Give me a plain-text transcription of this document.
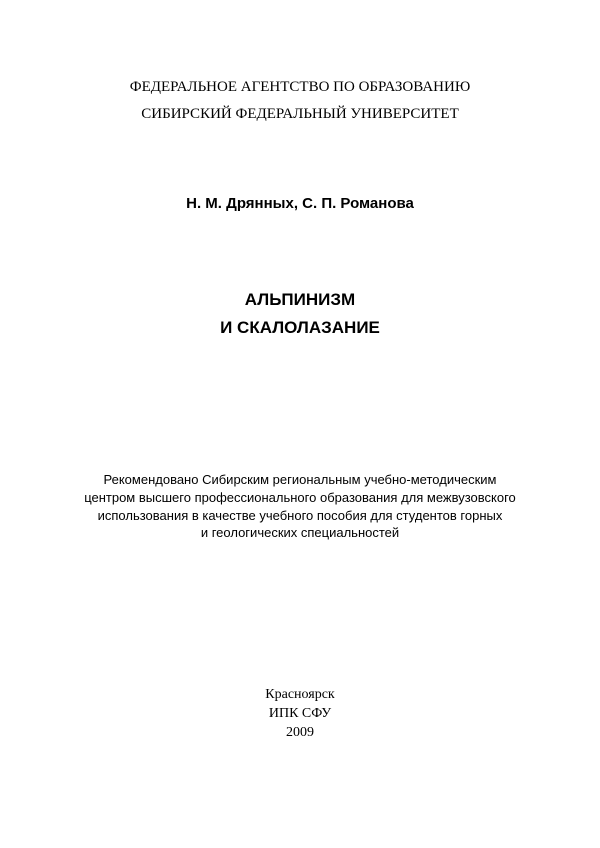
ФЕДЕРАЛЬНОЕ АГЕНТСТВО ПО ОБРАЗОВАНИЮ

СИБИРСКИЙ ФЕДЕРАЛЬНЫЙ УНИВЕРСИТЕТ

Н. М. Дрянных, С. П. Романова

АЛЬПИНИЗМ

И СКАЛОЛАЗАНИЕ

Рекомендовано Сибирским региональным учебно-методическим

центром высшего профессионального образования для межвузовского

использования в качестве учебного пособия для студентов горных

и геологических специальностей

Красноярск

ИПК СФУ

2009
